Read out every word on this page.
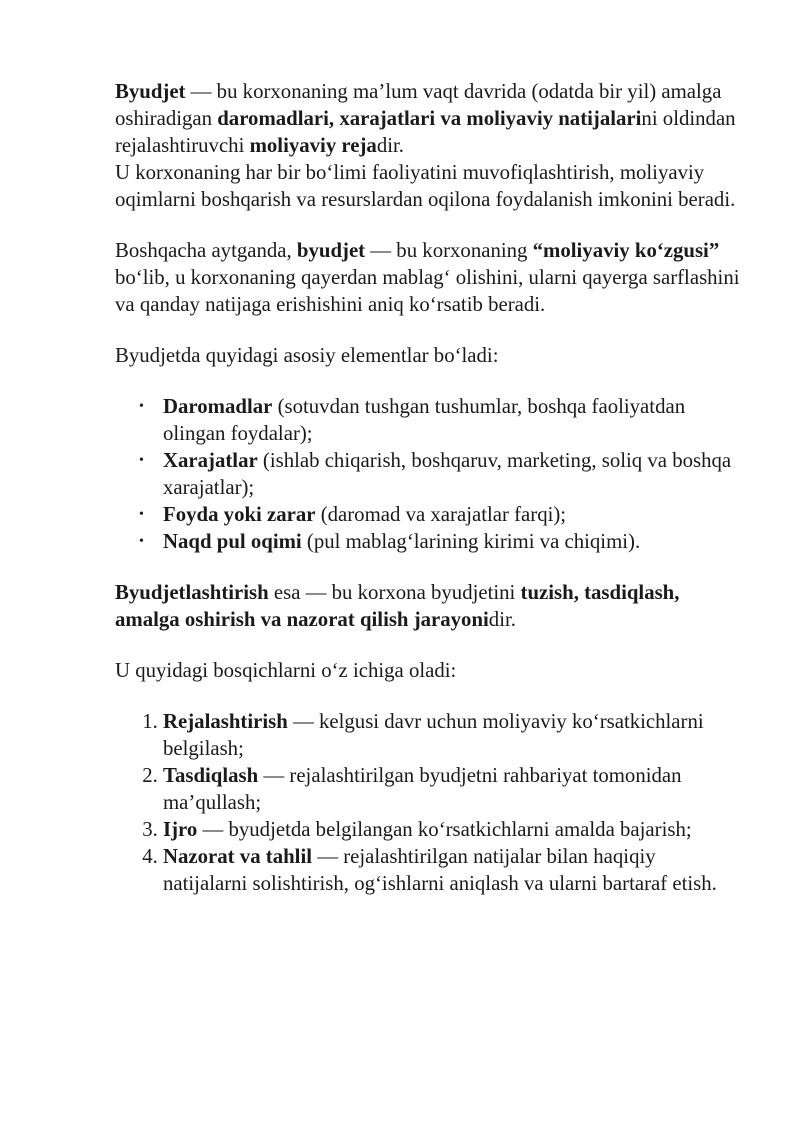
Byudjet — bu korxonaning ma’lum vaqt davrida (odatda bir yil) amalga oshiradigan daromadlari, xarajatlari va moliyaviy natijalarini oldindan rejalashtiruvchi moliyaviy rejadir.
U korxonaning har bir bo‘limi faoliyatini muvofiqlashtirish, moliyaviy oqimlarni boshqarish va resurslardan oqilona foydalanish imkonini beradi.

Boshqacha aytganda, byudjet — bu korxonaning “moliyaviy ko‘zgusi” bo‘lib, u korxonaning qayerdan mablag‘ olishini, ularni qayerga sarflashini va qanday natijaga erishishini aniq ko‘rsatib beradi.

Byudjetda quyidagi asosiy elementlar bo‘ladi:

• Daromadlar (sotuvdan tushgan tushumlar, boshqa faoliyatdan olingan foydalar);
• Xarajatlar (ishlab chiqarish, boshqaruv, marketing, soliq va boshqa xarajatlar);
• Foyda yoki zarar (daromad va xarajatlar farqi);
• Naqd pul oqimi (pul mablag‘larining kirimi va chiqimi).

Byudjetlashtirish esa — bu korxona byudjetini tuzish, tasdiqlash, amalga oshirish va nazorat qilish jarayonidir.

U quyidagi bosqichlarni o‘z ichiga oladi:

1. Rejalashtirish — kelgusi davr uchun moliyaviy ko‘rsatkichlarni belgilash;
2. Tasdiqlash — rejalashtirilgan byudjetni rahbariyat tomonidan ma’qullash;
3. Ijro — byudjetda belgilangan ko‘rsatkichlarni amalda bajarish;
4. Nazorat va tahlil — rejalashtirilgan natijalar bilan haqiqiy natijalarni solishtirish, og‘ishlarni aniqlash va ularni bartaraf etish.
